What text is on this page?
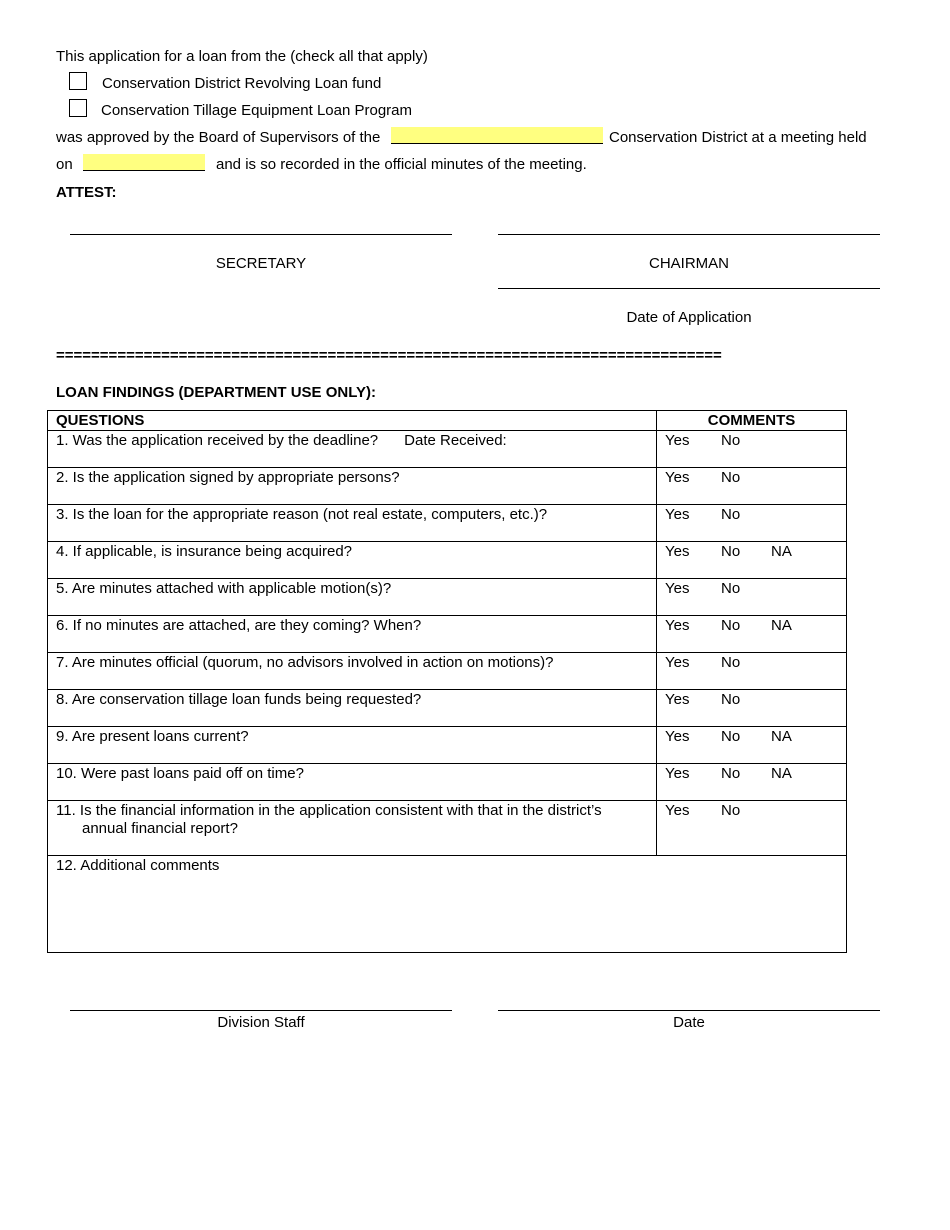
This application for a loan from the (check all that apply)
Conservation District Revolving Loan fund
Conservation Tillage Equipment Loan Program
was approved by the Board of Supervisors of the	Conservation District at a meeting held
on	and is so recorded in the official minutes of the meeting.
ATTEST:
SECRETARY	CHAIRMAN
Date of Application
============================================================================
LOAN FINDINGS (DEPARTMENT USE ONLY):
QUESTIONS	COMMENTS
1. Was the application received by the deadline? Date Received:	Yes No
2. Is the application signed by appropriate persons?	Yes No
3. Is the loan for the appropriate reason (not real estate, computers, etc.)?	Yes No
4. If applicable, is insurance being acquired?	Yes No NA
5. Are minutes attached with applicable motion(s)?	Yes No
6. If no minutes are attached, are they coming? When?	Yes No NA
7. Are minutes official (quorum, no advisors involved in action on motions)?	Yes No
8. Are conservation tillage loan funds being requested?	Yes No
9. Are present loans current?	Yes No NA
10. Were past loans paid off on time?	Yes No NA

11. Is the financial information in the application consistent with that in the district’s
annual financial report?	Yes No
12. Additional comments	
Division Staff	Date
